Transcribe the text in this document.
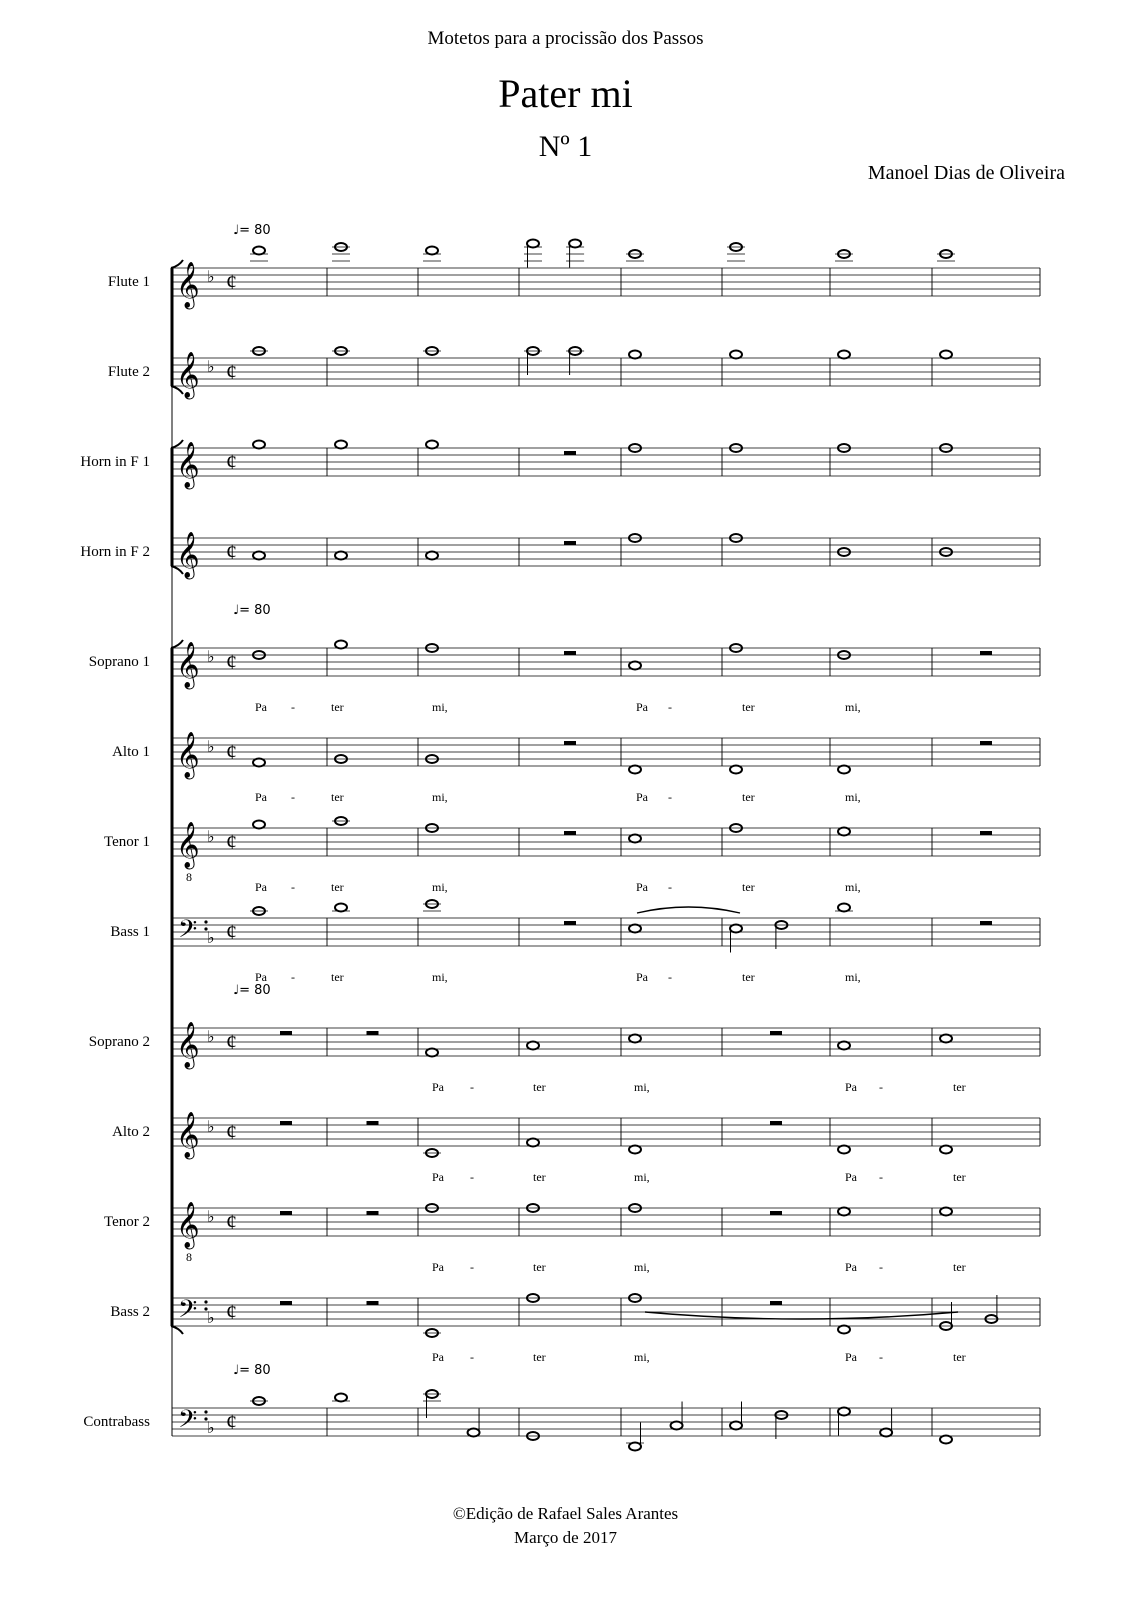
Motetos para a procissão dos Passos
Pater mi
Nº 1
Manoel Dias de Oliveira
♩= 80
♩= 80
♩= 80
♩= 80
Flute 1 𝄞 ♭ ¢
Flute 2 𝄞 ♭ ¢
Horn in F 1 𝄞 ¢
Horn in F 2 𝄞 ¢
Soprano 1 𝄞 ♭ ¢
Pa -	ter	mi,	Pa -	ter	mi,
Alto 1 𝄞 ♭ ¢
Pa -	ter	mi,	Pa -	ter	mi,
Tenor 1 𝄞
8
♭ ¢
Pa -	ter	mi,	Pa -	ter	mi,
Bass 1 𝄢 ♭ ¢
Pa -	ter	mi,	Pa -	ter	mi,
Soprano 2 𝄞 ♭ ¢
Pa -	ter	mi,	Pa -	ter
Alto 2 𝄞 ♭ ¢
Pa -	ter	mi,	Pa -	ter
Tenor 2 𝄞
8
♭ ¢
Pa -	ter	mi,	Pa -	ter
Bass 2 𝄢 ♭ ¢
Pa -	ter	mi,	Pa -	ter
Contrabass 𝄢 ♭ ¢
©Edição de Rafael Sales Arantes
Março de 2017
